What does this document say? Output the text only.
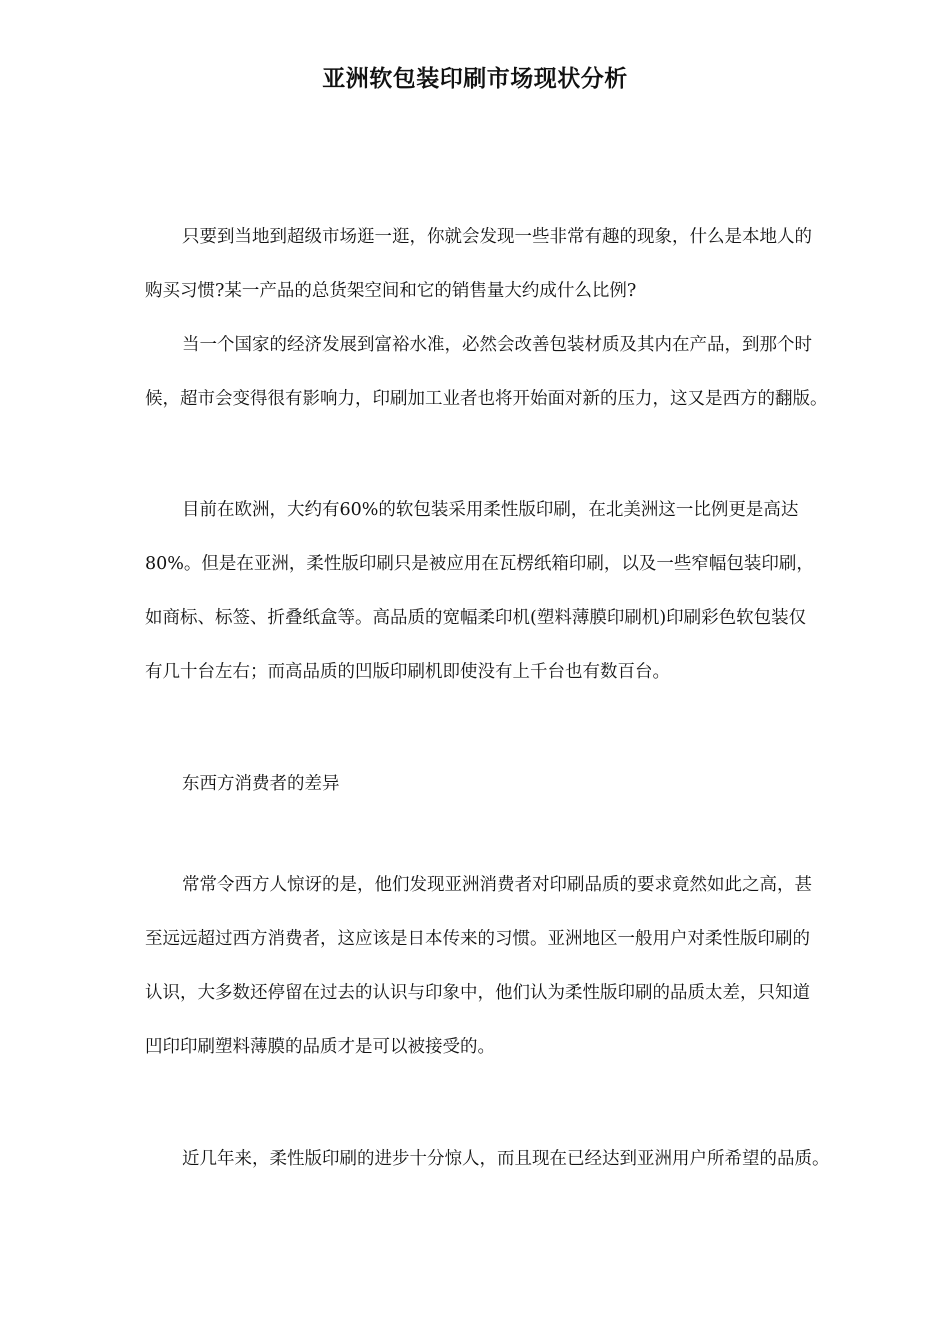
亚洲软包装印刷市场现状分析

只要到当地到超级市场逛一逛，你就会发现一些非常有趣的现象，什么是本地人的
购买习惯?某一产品的总货架空间和它的销售量大约成什么比例?

当一个国家的经济发展到富裕水准，必然会改善包装材质及其内在产品，到那个时
候，超市会变得很有影响力，印刷加工业者也将开始面对新的压力，这又是西方的翻版。

目前在欧洲，大约有60%的软包装采用柔性版印刷，在北美洲这一比例更是高达
80%。但是在亚洲，柔性版印刷只是被应用在瓦楞纸箱印刷，以及一些窄幅包装印刷，
如商标、标签、折叠纸盒等。高品质的宽幅柔印机(塑料薄膜印刷机)印刷彩色软包装仅
有几十台左右；而高品质的凹版印刷机即使没有上千台也有数百台。

东西方消费者的差异

常常令西方人惊讶的是，他们发现亚洲消费者对印刷品质的要求竟然如此之高，甚
至远远超过西方消费者，这应该是日本传来的习惯。亚洲地区一般用户对柔性版印刷的
认识，大多数还停留在过去的认识与印象中，他们认为柔性版印刷的品质太差，只知道
凹印印刷塑料薄膜的品质才是可以被接受的。

近几年来，柔性版印刷的进步十分惊人，而且现在已经达到亚洲用户所希望的品质。
